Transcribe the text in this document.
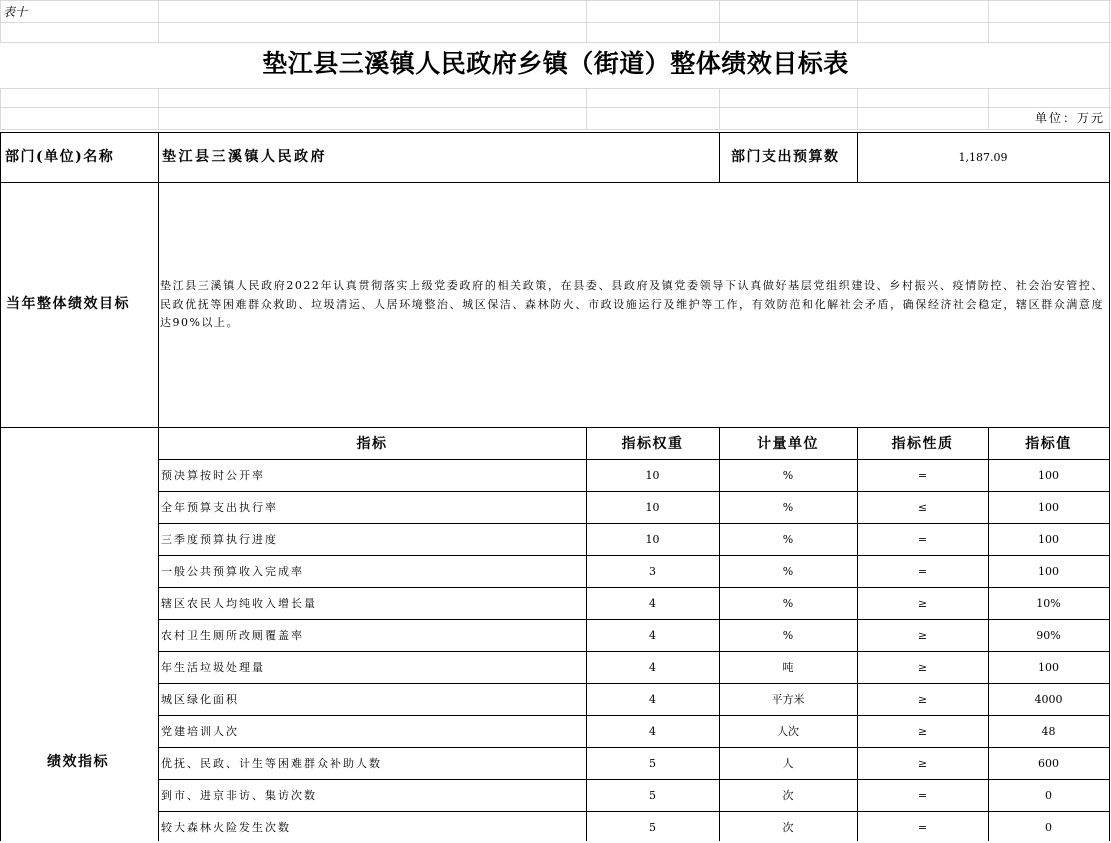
表十
垫江县三溪镇人民政府乡镇（街道）整体绩效目标表
单位：万元
部门(单位)名称	垫江县三溪镇人民政府	部门支出预算数	1,187.09
当年整体绩效目标
垫江县三溪镇人民政府2022年认真贯彻落实上级党委政府的相关政策，在县委、县政府及镇党委领导下认真做好基层党组织建设、乡村振兴、疫情防控、社会治安管控、民政优抚等困难群众救助、垃圾清运、人居环境整治、城区保洁、森林防火、市政设施运行及维护等工作，有效防范和化解社会矛盾，确保经济社会稳定，辖区群众满意度达90%以上。
指标	指标权重	计量单位	指标性质	指标值
绩效指标
预决算按时公开率	10	%	=	100
全年预算支出执行率	10	%	≤	100
三季度预算执行进度	10	%	=	100
一般公共预算收入完成率	3	%	=	100
辖区农民人均纯收入增长量	4	%	≥	10%
农村卫生厕所改厕覆盖率	4	%	≥	90%
年生活垃圾处理量	4	吨	≥	100
城区绿化面积	4	平方米	≥	4000
党建培训人次	4	人次	≥	48
优抚、民政、计生等困难群众补助人数	5	人	≥	600
到市、进京非访、集访次数	5	次	=	0
较大森林火险发生次数	5	次	=	0
